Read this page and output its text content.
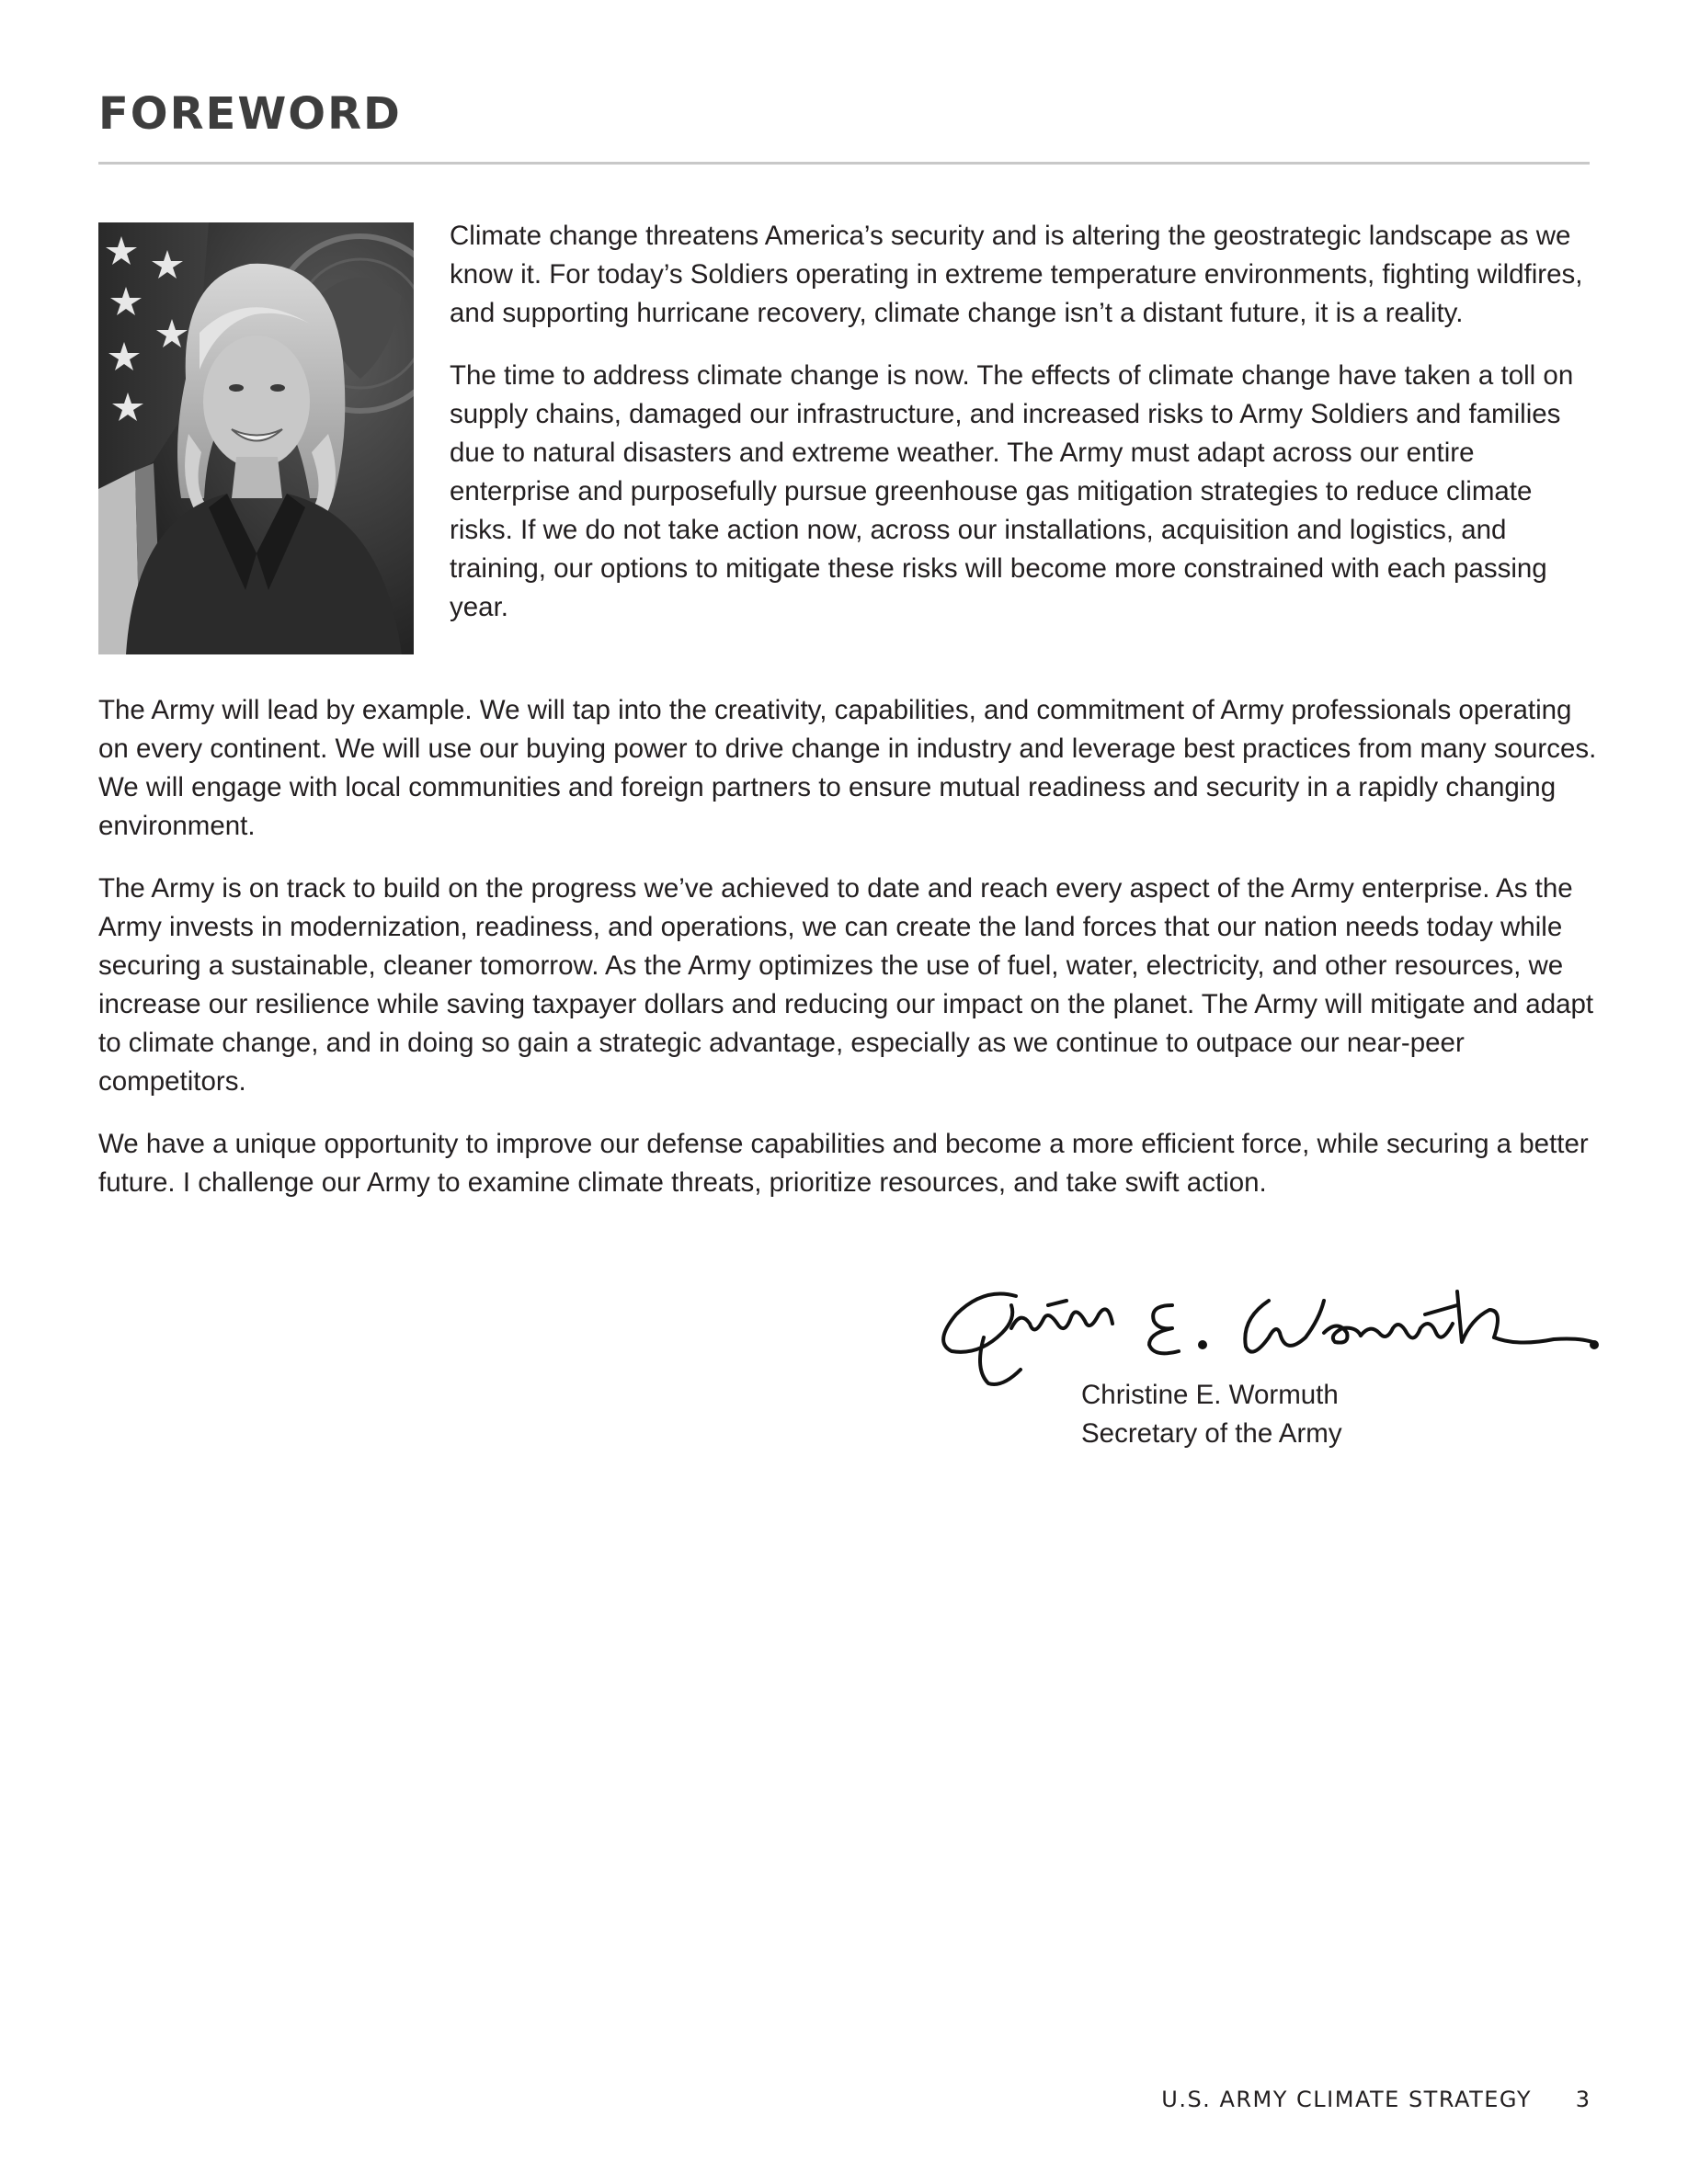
FOREWORD

Climate change threatens America’s security and is altering the geostrategic landscape as we know it. For today’s Soldiers operating in extreme temperature environments, fighting wildfires, and supporting hurricane recovery, climate change isn’t a distant future, it is a reality.

The time to address climate change is now. The effects of climate change have taken a toll on supply chains, damaged our infrastructure, and increased risks to Army Soldiers and families due to natural disasters and extreme weather. The Army must adapt across our entire enterprise and purposefully pursue greenhouse gas mitigation strategies to reduce climate risks. If we do not take action now, across our installations, acquisition and logistics, and training, our options to mitigate these risks will become more constrained with each passing year.

The Army will lead by example. We will tap into the creativity, capabilities, and commitment of Army professionals operating on every continent. We will use our buying power to drive change in industry and leverage best practices from many sources. We will engage with local communities and foreign partners to ensure mutual readiness and security in a rapidly changing environment.

The Army is on track to build on the progress we’ve achieved to date and reach every aspect of the Army enterprise. As the Army invests in modernization, readiness, and operations, we can create the land forces that our nation needs today while securing a sustainable, cleaner tomorrow. As the Army optimizes the use of fuel, water, electricity, and other resources, we increase our resilience while saving taxpayer dollars and reducing our impact on the planet. The Army will mitigate and adapt to climate change, and in doing so gain a strategic advantage, especially as we continue to outpace our near-peer competitors.

We have a unique opportunity to improve our defense capabilities and become a more efficient force, while securing a better future. I challenge our Army to examine climate threats, prioritize resources, and take swift action.

Christine E. Wormuth
Secretary of the Army
U.S. ARMY CLIMATE STRATEGY 3
